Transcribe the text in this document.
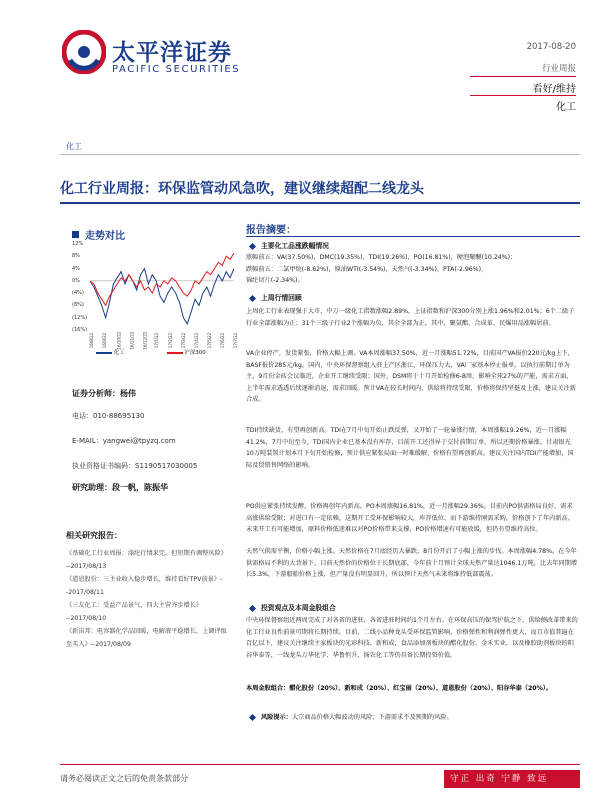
太平洋证券
PACIFIC SECURITIES
2017-08-20
行业周报
看好/维持
化工
化工
化工行业周报：环保监管动风急吹，建议继续超配二线龙头
走势对比
12%
8%
4%
0%
(4%)
(8%)
(12%)
(16%)
16/8/22 16/9/22 16/10/22 16/11/22 16/12/22 17/1/22 17/2/22 17/3/22 17/4/22 17/5/22 17/6/22 17/7/22
化工	沪深300
证券分析师：杨伟
电话：010-88695130
E-MAIL：yangwei@tpyzq.com
执业资格证书编码：S1190517030005
研究助理：段一帆，陈振华
相关研究报告：
《基础化工行业周报：涤纶行情来完，但短期有调整风险》
--2017/08/13
《道恩股份：三主业收入稳步增长，维持看好TPV前景》--2017/08/11
《三友化工：受益产品景气，四大主营齐步增长》
--2017/08/10
《新宙邦：电容器化学品回暖，电解液平稳增长，上调评级至买入》--2017/08/09
报告摘要：
主要化工品涨跌幅情况
涨幅前五：VA(37.50%)，DMC(19.35%)，TDI(19.26%)，PO(16.81%)，硬泡聚醚(10.24%)；
跌幅前五：二氯甲烷(-8.62%)，原油WTI(-3.54%)，天然气(-3.34%)，PTA(-2.96%)，
锦纶切片(-2.34%)。
上周行情回顾
上周化工行业表现强于大市，中万一级化工指数涨幅2.89%，上证指数和沪深300分别上涨1.96%和2.01%；6个二级子行业全部涨幅为正；31个三级子行业2个涨幅为负，其余全部为正，其中，聚氨酯、合成革、民爆用品涨幅居前。
VA企业停产，发货紧张，价格大幅上调。VA本周涨幅37.50%，近一月涨幅51.72%，目前国产VA报价220元/kg上下，BASF报价285元/kg。国内，中央环保督察组入驻上产区浙江，环保压力大，VA厂家基本停止报单，以执行前期订单为主，9月份金砖会议临近，企业开工继续受限；国外，DSM将于十月开始检修6-8周，影响全球27%的产能，需求方面，上半年需求透透后续逐渐消退，需求回暖。预计VA在较长时间内，供给将持续受限，价格将保持坚挺及上涨，建议关注新合成。
TDI持续缺货，有望再创新高。TDI在7月中旬开始止跌反弹，又开始了一轮暴涨行情，本周涨幅19.26%，近一月涨幅41.2%，7月中旬至今，TDI国内企业已基本没有库存，目前开工还得异于交付前期订单，所以还期价格暴涨。甘肃银光10万吨装置计划本月下旬开始检修，预计供应紧张局面一时难缓解，价格有望再创新高。建议关注国内TDI产能增加，国际及贸销售网络的影响。
PO供应紧张持续发酵，价格再创年内新高。PO本周涨幅16.81%，近一月涨幅29.36%。目前内PO供需格局良好，需求高涨供给受限；对进口有一定依赖，这期开工受环保影响较大，库存低位，而下游维持刚需采购，价格创下了年内新高。未来开工有可能增加，原料价格低迷难以对PO价格带来支撑，PO价格增速有可能放缓，但仍有望维持高位。
天然气供需平衡，价格小幅上涨。天然价格在7月底经历大暴跌，8月份开启了小幅上涨的步伐。本周涨幅4.78%。在今年供需格局不利的大背景下，目前天然价的价格位于长期底部，今年前十月预计全球天然产量达1046.1万吨，比去年同期增长5.3%，下游船舶价格上涨，但产量没有明显回升，所以预计天然气未来将维持低部震荡。
投资观点及本周金股组合
中央环保督察组近两周完成了对各省的进驻，各省进驻时间约1个月左右。在环保高压的保驾护航之下，供给侧改革带来的化工行业良性前景可期将长期持续。目前，二线小品种龙头受环保监管影响，价格弹性和利润弹性更大，而且市值普遍在百亿以下，建议关注继续主家板块的光彩科技、新和成，食品添加剂板块的醋化股份、金禾实业，以及橡胶助剂板块的阳谷华泰等，一线龙头万华化学、华鲁恒升、扬农化工等仍具备长期投资价值。
本周金股组合：醋化股份（20%）、新和成（20%）、红宝丽（20%）、道恩股份（20%）、阳谷华泰（20%）。
风险提示：大宗商品价格大幅波动的风险；下游需求不及预期的风险。
请务必阅读正文之后的免责条款部分	守正 出奇 宁静 致远
